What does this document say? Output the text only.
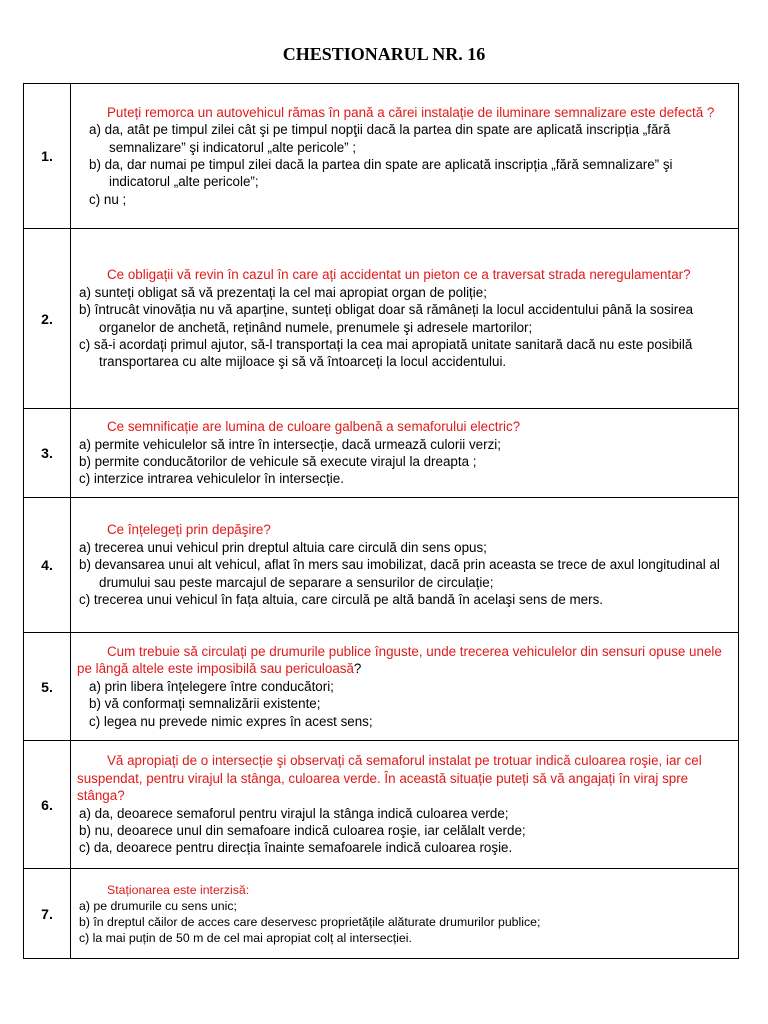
CHESTIONARUL NR. 16
1.	Puteți remorca un autovehicul rămas în pană a cărei instalație de iluminare semnalizare este defectă ?

a) da, atât pe timpul zilei cât şi pe timpul nopţii dacă la partea din spate are aplicată inscripția „fără semnalizare” şi indicatorul „alte pericole” ;

b) da, dar numai pe timpul zilei dacă la partea din spate are aplicată inscripția „fără semnalizare” şi indicatorul „alte pericole”;

c) nu ;

2.	Ce obligații vă revin în cazul în care ați accidentat un pieton ce a traversat strada neregulamentar?

a) sunteți obligat să vă prezentați la cel mai apropiat organ de poliție;

b) întrucât vinovăția nu vă aparține, sunteți obligat doar să rămâneți la locul accidentului până la sosirea organelor de anchetă, reținând numele, prenumele şi adresele martorilor;

c) să-i acordați primul ajutor, să-l transportați la cea mai apropiată unitate sanitară dacă nu este posibilă transportarea cu alte mijloace şi să vă întoarceți la locul accidentului.

3.	Ce semnificație are lumina de culoare galbenă a semaforului electric?

a) permite vehiculelor să intre în intersecție, dacă urmează culorii verzi;

b) permite conducătorilor de vehicule să execute virajul la dreapta ;

c) interzice intrarea vehiculelor în intersecție.

4.	Ce înțelegeți prin depăşire?

a) trecerea unui vehicul prin dreptul altuia care circulă din sens opus;

b) devansarea unui alt vehicul, aflat în mers sau imobilizat, dacă prin aceasta se trece de axul longitudinal al drumului sau peste marcajul de separare a sensurilor de circulație;

c) trecerea unui vehicul în fața altuia, care circulă pe altă bandă în acelaşi sens de mers.

5.	Cum trebuie să circulați pe drumurile publice înguste, unde trecerea vehiculelor din sensuri opuse unele pe lângă altele este imposibilă sau periculoasă?

a) prin libera înțelegere între conducători;

b) vă conformați semnalizării existente;

c) legea nu prevede nimic expres în acest sens;

6.	Vă apropiați de o intersecție şi observați că semaforul instalat pe trotuar indică culoarea roşie, iar cel suspendat, pentru virajul la stânga, culoarea verde. În această situație puteți să vă angajați în viraj spre stânga?

a) da, deoarece semaforul pentru virajul la stânga indică culoarea verde;

b) nu, deoarece unul din semafoare indică culoarea roşie, iar celălalt verde;

c) da, deoarece pentru direcția înainte semafoarele indică culoarea roşie.

7.	Staționarea este interzisă:

a) pe drumurile cu sens unic;

b) în dreptul căilor de acces care deservesc proprietățile alăturate drumurilor publice;

c) la mai puțin de 50 m de cel mai apropiat colț al intersecției.
